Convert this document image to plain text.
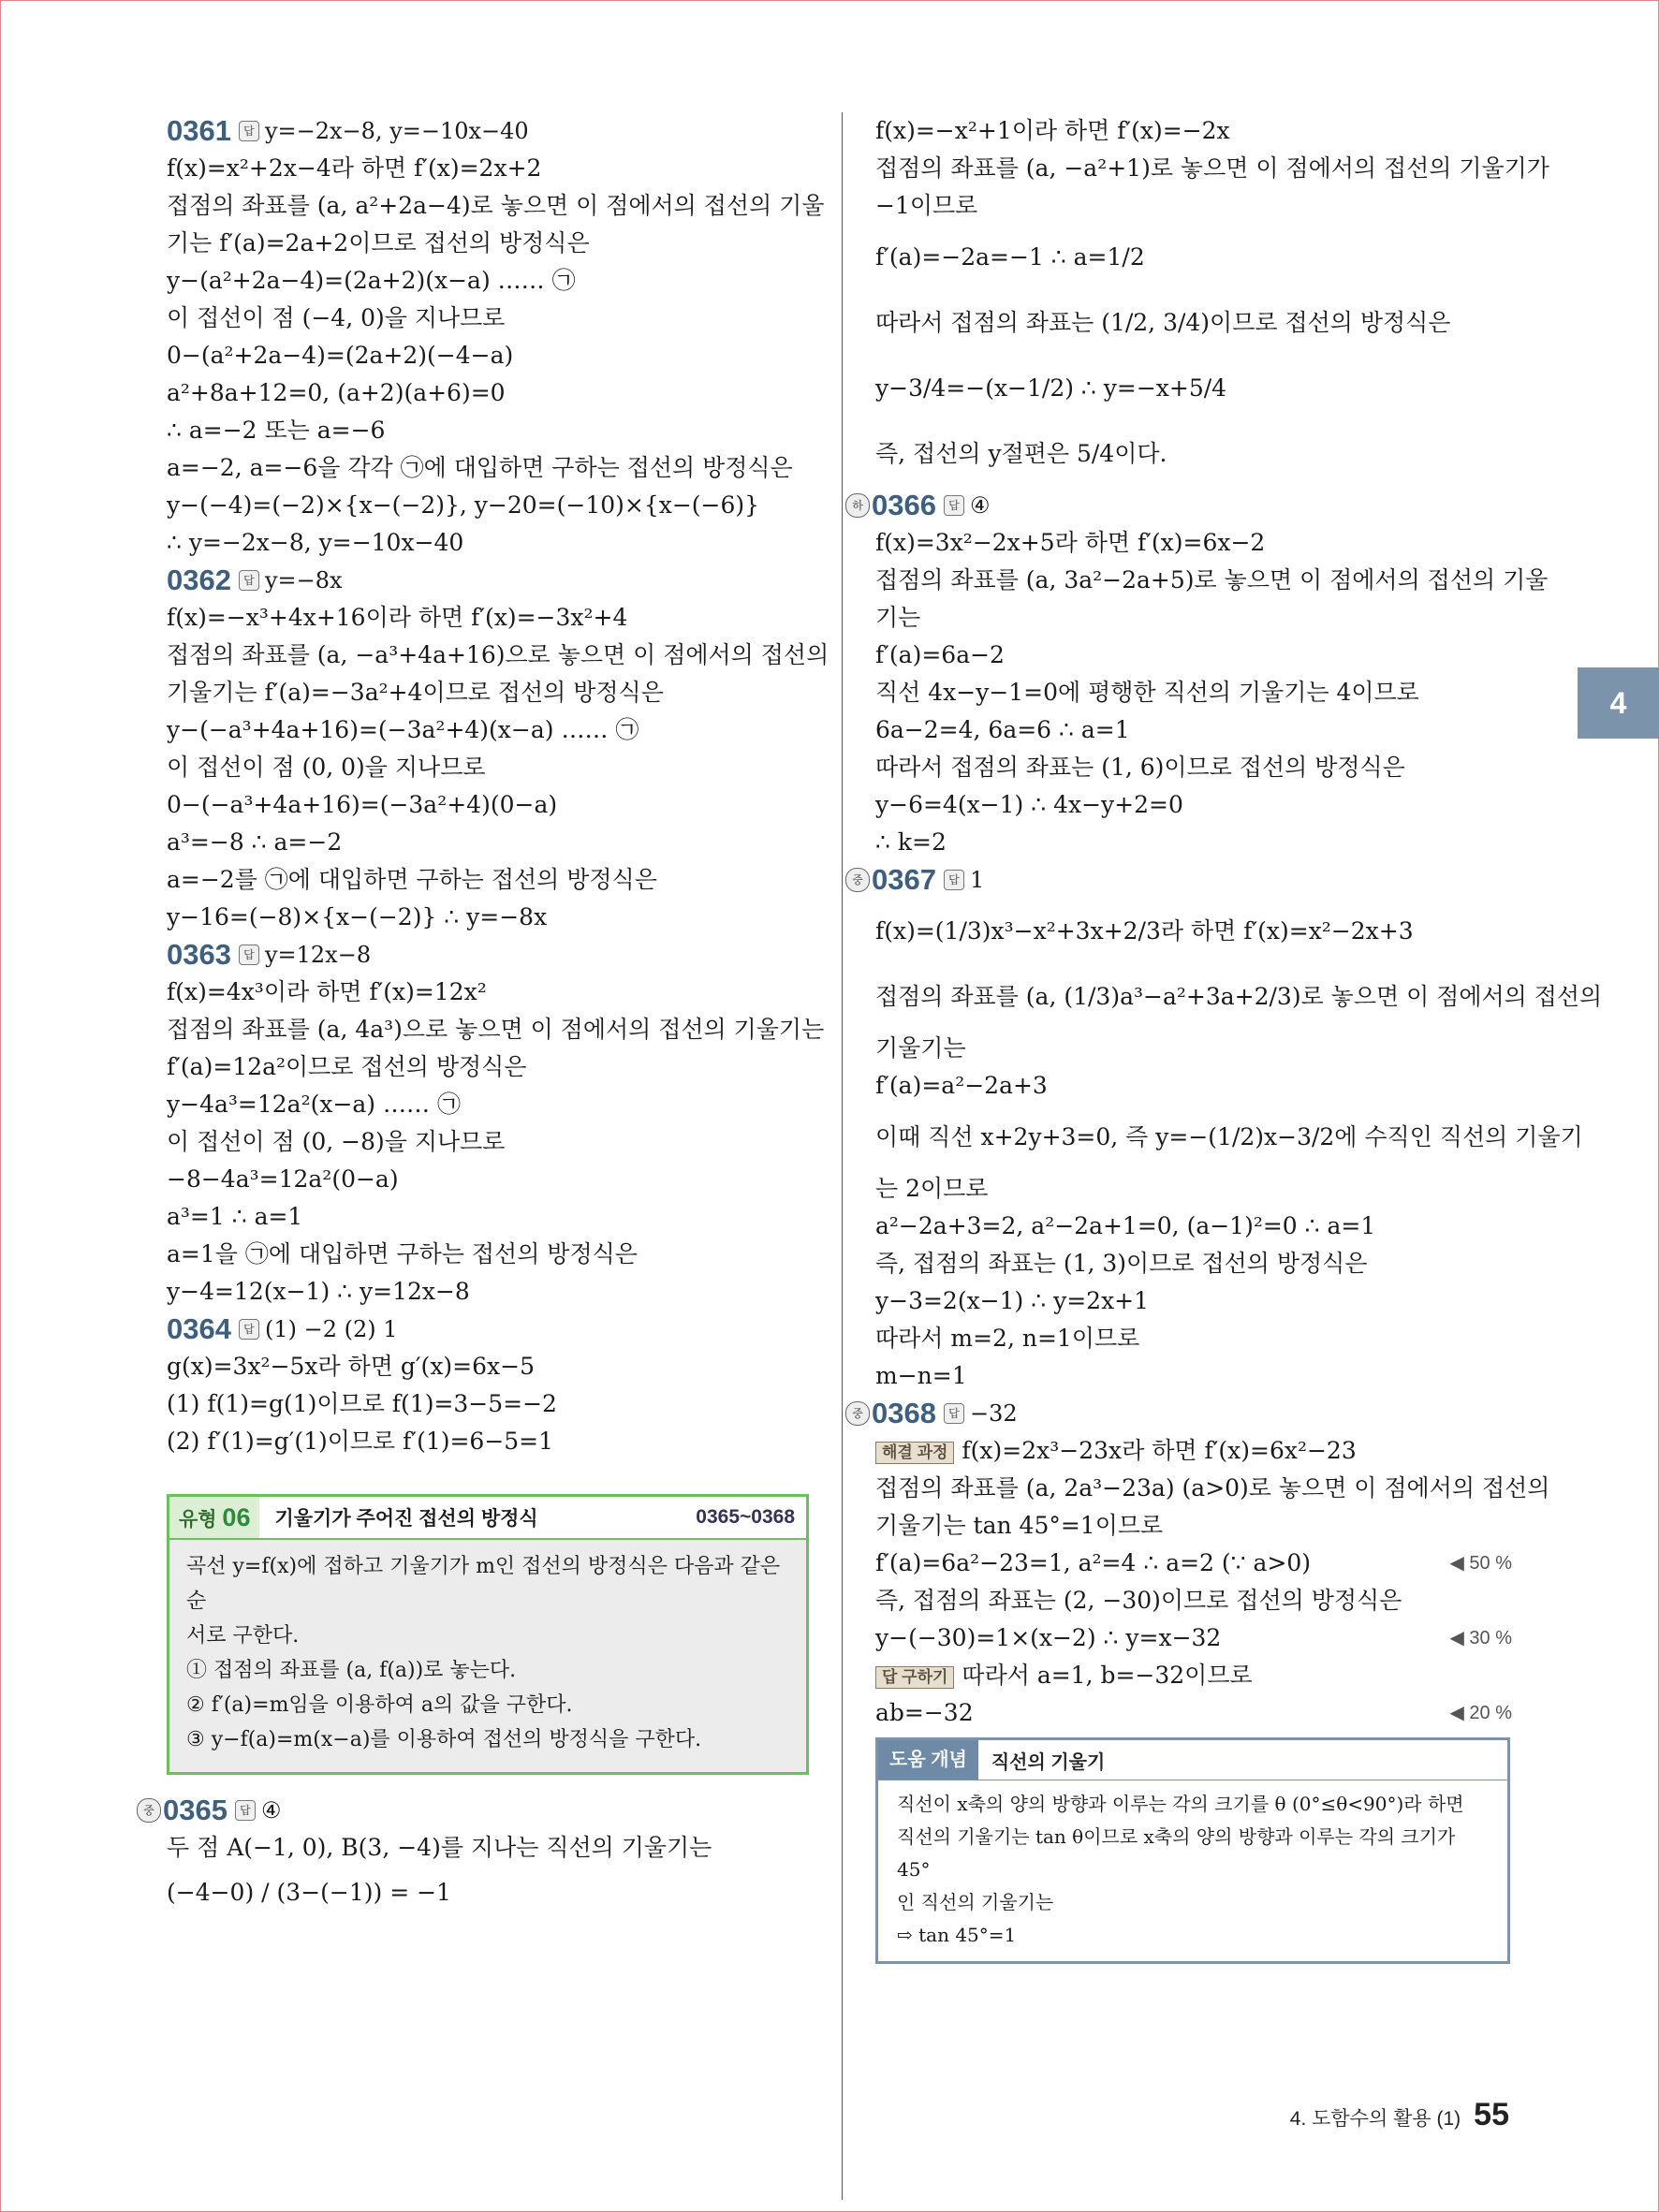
4
0361	답 y=−2x−8, y=−10x−40
f(x)=x²+2x−4라 하면 f′(x)=2x+2
접점의 좌표를 (a, a²+2a−4)로 놓으면 이 점에서의 접선의 기울
기는 f′(a)=2a+2이므로 접선의 방정식은
y−(a²+2a−4)=(2a+2)(x−a) …… ㉠
이 접선이 점 (−4, 0)을 지나므로
0−(a²+2a−4)=(2a+2)(−4−a)
a²+8a+12=0, (a+2)(a+6)=0
∴ a=−2 또는 a=−6
a=−2, a=−6을 각각 ㉠에 대입하면 구하는 접선의 방정식은
y−(−4)=(−2)×{x−(−2)}, y−20=(−10)×{x−(−6)}
∴ y=−2x−8, y=−10x−40
0362	답 y=−8x
f(x)=−x³+4x+16이라 하면 f′(x)=−3x²+4
접점의 좌표를 (a, −a³+4a+16)으로 놓으면 이 점에서의 접선의
기울기는 f′(a)=−3a²+4이므로 접선의 방정식은
y−(−a³+4a+16)=(−3a²+4)(x−a) …… ㉠
이 접선이 점 (0, 0)을 지나므로
0−(−a³+4a+16)=(−3a²+4)(0−a)
a³=−8 ∴ a=−2
a=−2를 ㉠에 대입하면 구하는 접선의 방정식은
y−16=(−8)×{x−(−2)} ∴ y=−8x
0363	답 y=12x−8
f(x)=4x³이라 하면 f′(x)=12x²
접점의 좌표를 (a, 4a³)으로 놓으면 이 점에서의 접선의 기울기는
f′(a)=12a²이므로 접선의 방정식은
y−4a³=12a²(x−a) …… ㉠
이 접선이 점 (0, −8)을 지나므로
−8−4a³=12a²(0−a)
a³=1 ∴ a=1
a=1을 ㉠에 대입하면 구하는 접선의 방정식은
y−4=12(x−1) ∴ y=12x−8
0364	답 (1) −2 (2) 1
g(x)=3x²−5x라 하면 g′(x)=6x−5
(1) f(1)=g(1)이므로 f(1)=3−5=−2
(2) f′(1)=g′(1)이므로 f′(1)=6−5=1
유형 06	기울기가 주어진 접선의 방정식	0365~0368
곡선 y=f(x)에 접하고 기울기가 m인 접선의 방정식은 다음과 같은 순
서로 구한다.
① 접점의 좌표를 (a, f(a))로 놓는다.
② f′(a)=m임을 이용하여 a의 값을 구한다.
③ y−f(a)=m(x−a)를 이용하여 접선의 방정식을 구한다.
중 0365	답 ④
두 점 A(−1, 0), B(3, −4)를 지나는 직선의 기울기는
(−4−0) / (3−(−1)) = −1
f(x)=−x²+1이라 하면 f′(x)=−2x
접점의 좌표를 (a, −a²+1)로 놓으면 이 점에서의 접선의 기울기가
−1이므로
f′(a)=−2a=−1 ∴ a=1/2
따라서 접점의 좌표는 (1/2, 3/4)이므로 접선의 방정식은
y−3/4=−(x−1/2) ∴ y=−x+5/4
즉, 접선의 y절편은 5/4이다.
하 0366	답 ④
f(x)=3x²−2x+5라 하면 f′(x)=6x−2
접점의 좌표를 (a, 3a²−2a+5)로 놓으면 이 점에서의 접선의 기울
기는
f′(a)=6a−2
직선 4x−y−1=0에 평행한 직선의 기울기는 4이므로
6a−2=4, 6a=6 ∴ a=1
따라서 접점의 좌표는 (1, 6)이므로 접선의 방정식은
y−6=4(x−1) ∴ 4x−y+2=0
∴ k=2
중 0367	답 1
f(x)=(1/3)x³−x²+3x+2/3라 하면 f′(x)=x²−2x+3
접점의 좌표를 (a, (1/3)a³−a²+3a+2/3)로 놓으면 이 점에서의 접선의
기울기는
f′(a)=a²−2a+3
이때 직선 x+2y+3=0, 즉 y=−(1/2)x−3/2에 수직인 직선의 기울기
는 2이므로
a²−2a+3=2, a²−2a+1=0, (a−1)²=0 ∴ a=1
즉, 접점의 좌표는 (1, 3)이므로 접선의 방정식은
y−3=2(x−1) ∴ y=2x+1
따라서 m=2, n=1이므로
m−n=1
중 0368	답 −32
해결 과정 f(x)=2x³−23x라 하면 f′(x)=6x²−23
접점의 좌표를 (a, 2a³−23a) (a>0)로 놓으면 이 점에서의 접선의
기울기는 tan 45°=1이므로
f′(a)=6a²−23=1, a²=4 ∴ a=2 (∵ a>0)	◀ 50 %
즉, 접점의 좌표는 (2, −30)이므로 접선의 방정식은
y−(−30)=1×(x−2) ∴ y=x−32	◀ 30 %
답 구하기 따라서 a=1, b=−32이므로
ab=−32	◀ 20 %
도움 개념	직선의 기울기
직선이 x축의 양의 방향과 이루는 각의 크기를 θ (0°≤θ<90°)라 하면
직선의 기울기는 tan θ이므로 x축의 양의 방향과 이루는 각의 크기가 45°
인 직선의 기울기는
⇨ tan 45°=1
4. 도함수의 활용 (1) 55
